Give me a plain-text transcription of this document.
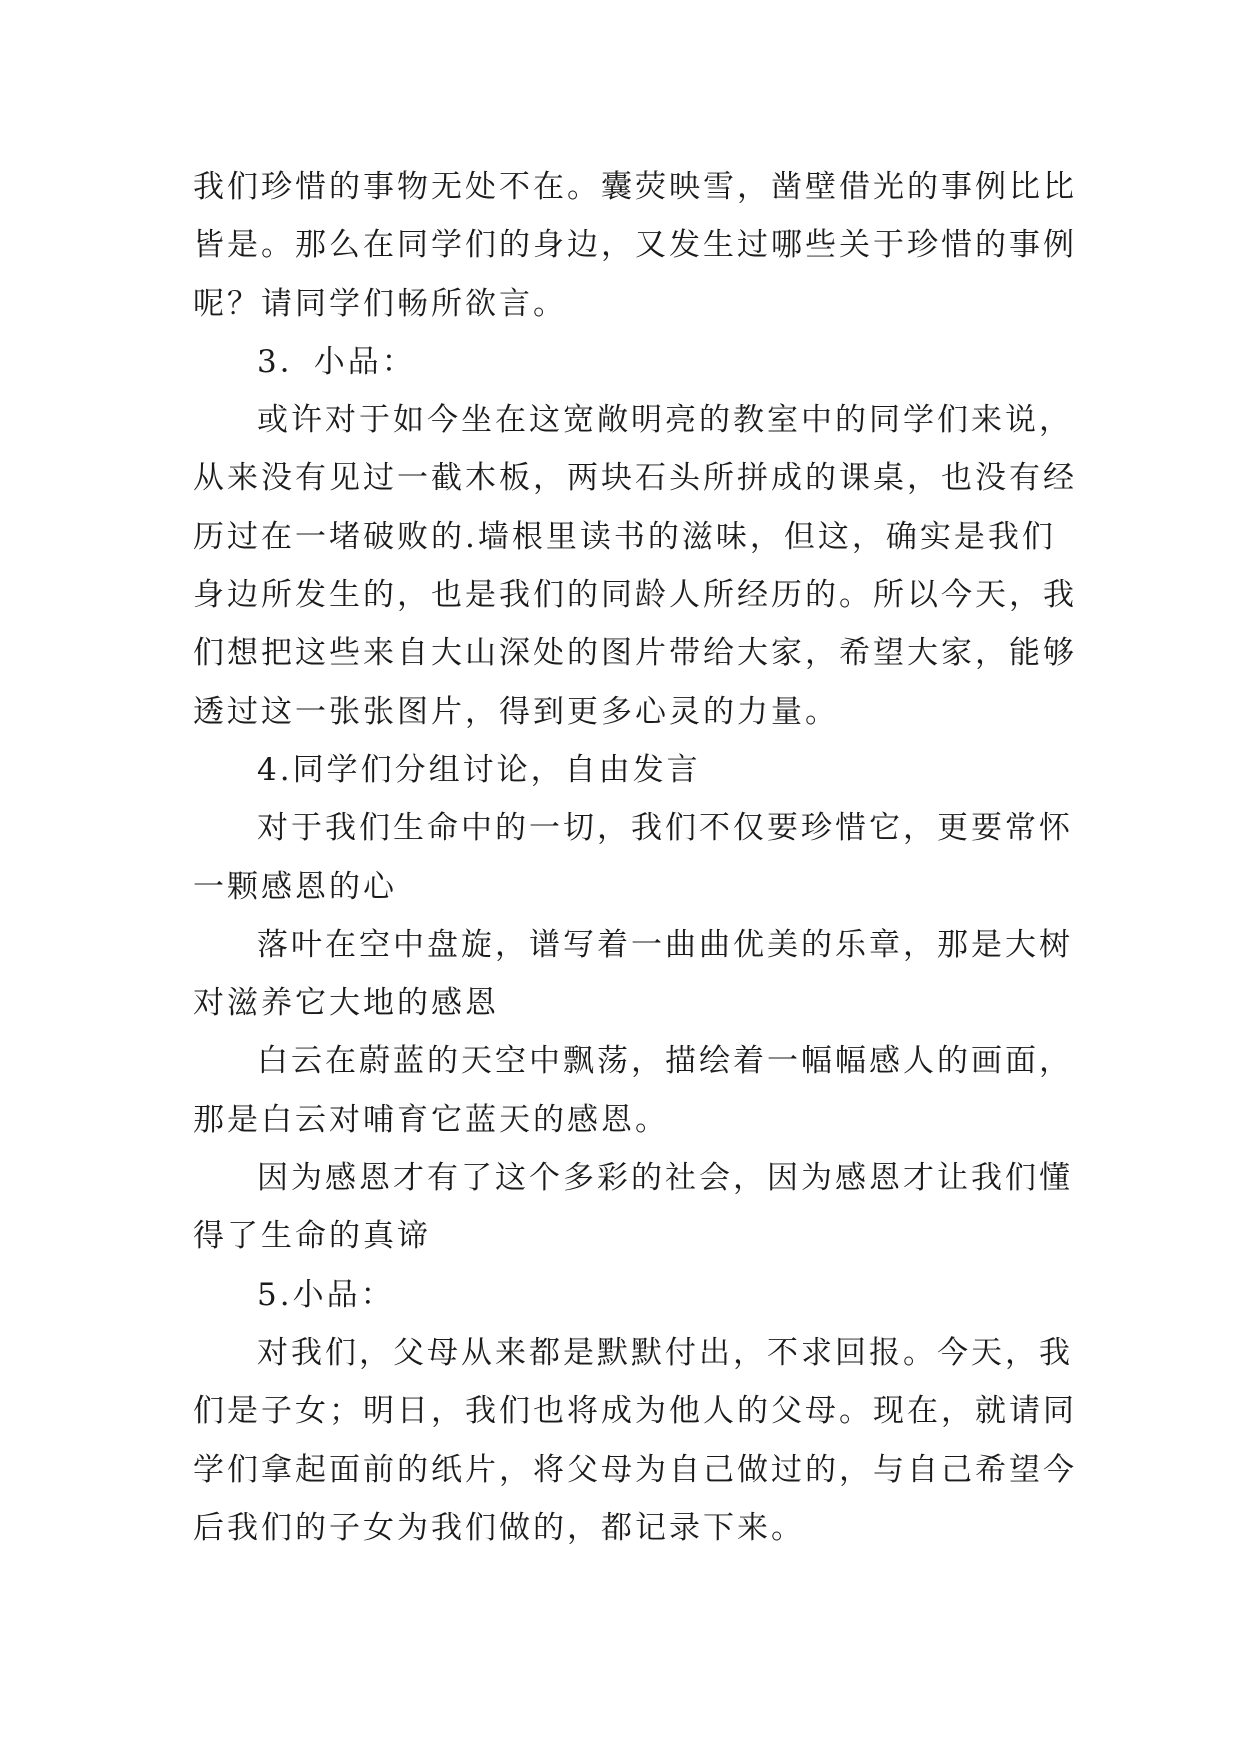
我们珍惜的事物无处不在。囊荧映雪，凿壁借光的事例比比
皆是。那么在同学们的身边，又发生过哪些关于珍惜的事例
呢？请同学们畅所欲言。
3．小品：
或许对于如今坐在这宽敞明亮的教室中的同学们来说，
从来没有见过一截木板，两块石头所拼成的课桌，也没有经
历过在一堵破败的.墙根里读书的滋味，但这，确实是我们
身边所发生的，也是我们的同龄人所经历的。所以今天，我
们想把这些来自大山深处的图片带给大家，希望大家，能够
透过这一张张图片，得到更多心灵的力量。
4.同学们分组讨论，自由发言
对于我们生命中的一切，我们不仅要珍惜它，更要常怀
一颗感恩的心
落叶在空中盘旋，谱写着一曲曲优美的乐章，那是大树
对滋养它大地的感恩
白云在蔚蓝的天空中飘荡，描绘着一幅幅感人的画面，
那是白云对哺育它蓝天的感恩。
因为感恩才有了这个多彩的社会，因为感恩才让我们懂
得了生命的真谛
5.小品：
对我们，父母从来都是默默付出，不求回报。今天，我
们是子女；明日，我们也将成为他人的父母。现在，就请同
学们拿起面前的纸片，将父母为自己做过的，与自己希望今
后我们的子女为我们做的，都记录下来。
